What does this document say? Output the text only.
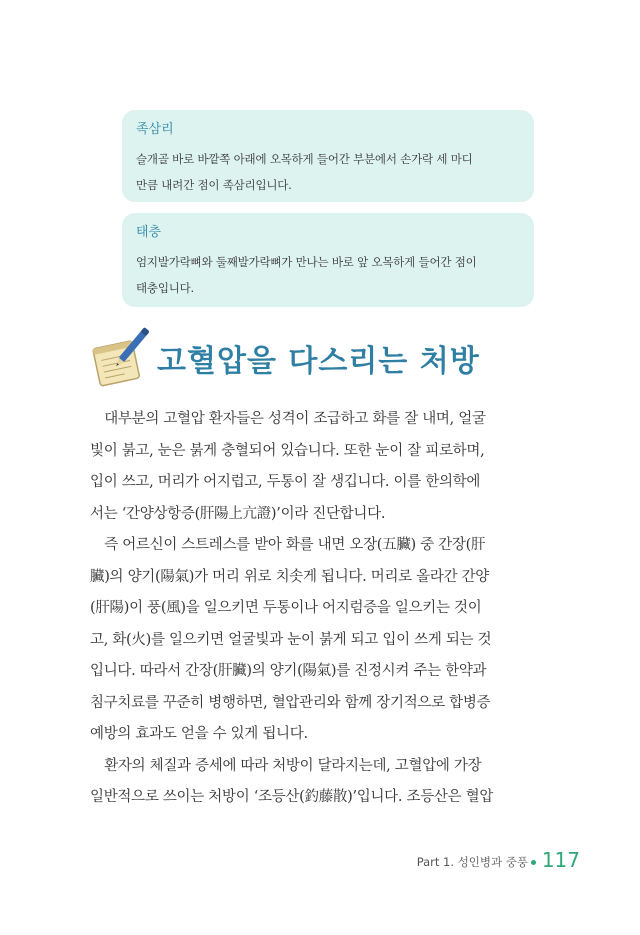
족삼리
슬개골 바로 바깥쪽 아래에 오목하게 들어간 부분에서 손가락 세 마디
만큼 내려간 점이 족삼리입니다.
태충
엄지발가락뼈와 둘째발가락뼈가 만나는 바로 앞 오목하게 들어간 점이
태충입니다.
고혈압을 다스리는 처방
　대부분의 고혈압 환자들은 성격이 조급하고 화를 잘 내며, 얼굴
빛이 붉고, 눈은 붉게 충혈되어 있습니다. 또한 눈이 잘 피로하며,
입이 쓰고, 머리가 어지럽고, 두통이 잘 생깁니다. 이를 한의학에
서는 ‘간양상항증(肝陽上亢證)’이라 진단합니다.
　즉 어르신이 스트레스를 받아 화를 내면 오장(五臟) 중 간장(肝
臟)의 양기(陽氣)가 머리 위로 치솟게 됩니다. 머리로 올라간 간양
(肝陽)이 풍(風)을 일으키면 두통이나 어지럼증을 일으키는 것이
고, 화(火)를 일으키면 얼굴빛과 눈이 붉게 되고 입이 쓰게 되는 것
입니다. 따라서 간장(肝臟)의 양기(陽氣)를 진정시켜 주는 한약과
침구치료를 꾸준히 병행하면, 혈압관리와 함께 장기적으로 합병증
예방의 효과도 얻을 수 있게 됩니다.
　환자의 체질과 증세에 따라 처방이 달라지는데, 고혈압에 가장
일반적으로 쓰이는 처방이 ‘조등산(釣藤散)’입니다. 조등산은 혈압
Part 1. 성인병과 중풍 117
